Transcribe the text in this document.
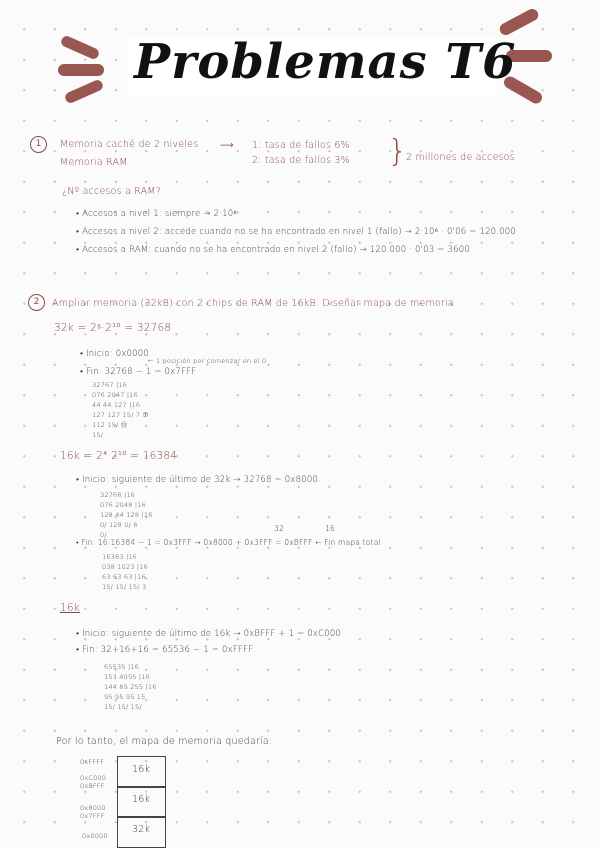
Problemas T6
1	Memoria caché de 2 niveles
Memoria RAM
⟶ 1: tasa de fallos 6%
2: tasa de fallos 3% }
2 millones de accesos
¿Nº accesos a RAM?
• Accesos a nivel 1: siempre → 2·10⁶
• Accesos a nivel 2: accede cuando no se ha encontrado en nivel 1 (fallo) → 2·10⁶ · 0'06 = 120.000
• Accesos a RAM: cuando no se ha encontrado en nivel 2 (fallo) → 120.000 · 0'03 = 3600
2	Ampliar memoria (32kB) con 2 chips de RAM de 16kB. Diseñar mapa de memoria
32k = 2⁵·2¹⁰ = 32768
• Inicio: 0x0000
← 1 posición por comenzar en el 0
• Fin: 32768 − 1 = 0x7FFF
32767 |16
076 2047 |16
44 44 127 |16
127 127 15/ 7 ⑦
112 15/ ⑮
15/
16k = 2⁴·2¹⁰ = 16384
• Inicio: siguiente de último de 32k → 32768 = 0x8000
32768 |16
076 2048 |16
128 44 128 |16
0/ 128 0/ 8
0/
32	16
• Fin: 16·16384 − 1 = 0x3FFF → 0x8000 + 0x3FFF = 0xBFFF ← Fin mapa total
16383 |16
038 1023 |16
63 63 63 |16
15/ 15/ 15/ 3
16k
• Inicio: siguiente de último de 16k → 0xBFFF + 1 = 0xC000
• Fin: 32+16+16 = 65536 − 1 = 0xFFFF
65535 |16
153 4095 |16
144 89 255 |16
95 95 95 15
15/ 15/ 15/
Por lo tanto, el mapa de memoria quedaría:
16k
16k
32k
0xFFFF
0xC000
0xBFFF
0x8000
0x7FFF
0x0000
